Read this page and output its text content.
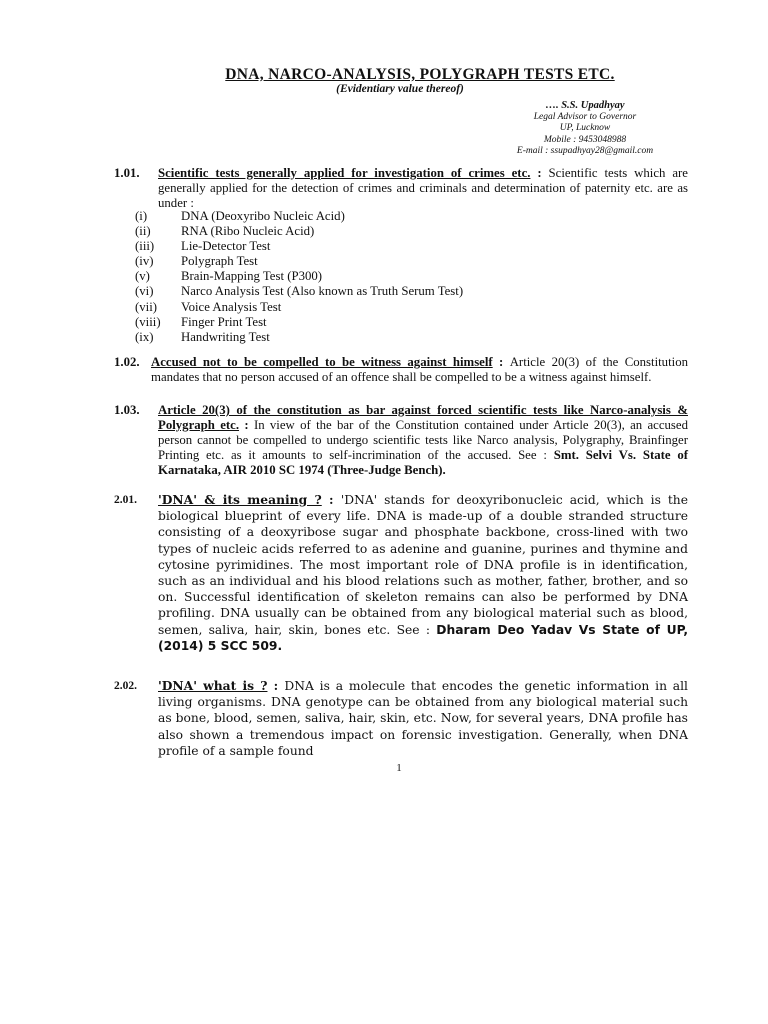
DNA, NARCO-ANALYSIS, POLYGRAPH TESTS ETC.
(Evidentiary value thereof)
…. S.S. Upadhyay
Legal Advisor to Governor
UP, Lucknow
Mobile : 9453048988
E-mail : ssupadhyay28@gmail.com
1.01. Scientific tests generally applied for investigation of crimes etc. : Scientific tests which are generally applied for the detection of crimes and criminals and determination of paternity etc. are as under :
(i)	DNA (Deoxyribo Nucleic Acid)
(ii)	RNA (Ribo Nucleic Acid)
(iii)	Lie-Detector Test
(iv)	Polygraph Test
(v)	Brain-Mapping Test (P300)
(vi)	Narco Analysis Test (Also known as Truth Serum Test)
(vii)	Voice Analysis Test
(viii)	Finger Print Test
(ix)	Handwriting Test
1.02. Accused not to be compelled to be witness against himself : Article 20(3) of the Constitution mandates that no person accused of an offence shall be compelled to be a witness against himself.
1.03. Article 20(3) of the constitution as bar against forced scientific tests like Narco-analysis & Polygraph etc. : In view of the bar of the Constitution contained under Article 20(3), an accused person cannot be compelled to undergo scientific tests like Narco analysis, Polygraphy, Brainfinger Printing etc. as it amounts to self-incrimination of the accused. See : Smt. Selvi Vs. State of Karnataka, AIR 2010 SC 1974 (Three-Judge Bench).
2.01. 'DNA' & its meaning ? : 'DNA' stands for deoxyribonucleic acid, which is the biological blueprint of every life. DNA is made-up of a double stranded structure consisting of a deoxyribose sugar and phosphate backbone, cross-lined with two types of nucleic acids referred to as adenine and guanine, purines and thymine and cytosine pyrimidines. The most important role of DNA profile is in identification, such as an individual and his blood relations such as mother, father, brother, and so on. Successful identification of skeleton remains can also be performed by DNA profiling. DNA usually can be obtained from any biological material such as blood, semen, saliva, hair, skin, bones etc. See : Dharam Deo Yadav Vs State of UP, (2014) 5 SCC 509.
2.02. 'DNA' what is ? : DNA is a molecule that encodes the genetic information in all living organisms. DNA genotype can be obtained from any biological material such as bone, blood, semen, saliva, hair, skin, etc. Now, for several years, DNA profile has also shown a tremendous impact on forensic investigation. Generally, when DNA profile of a sample found
1
